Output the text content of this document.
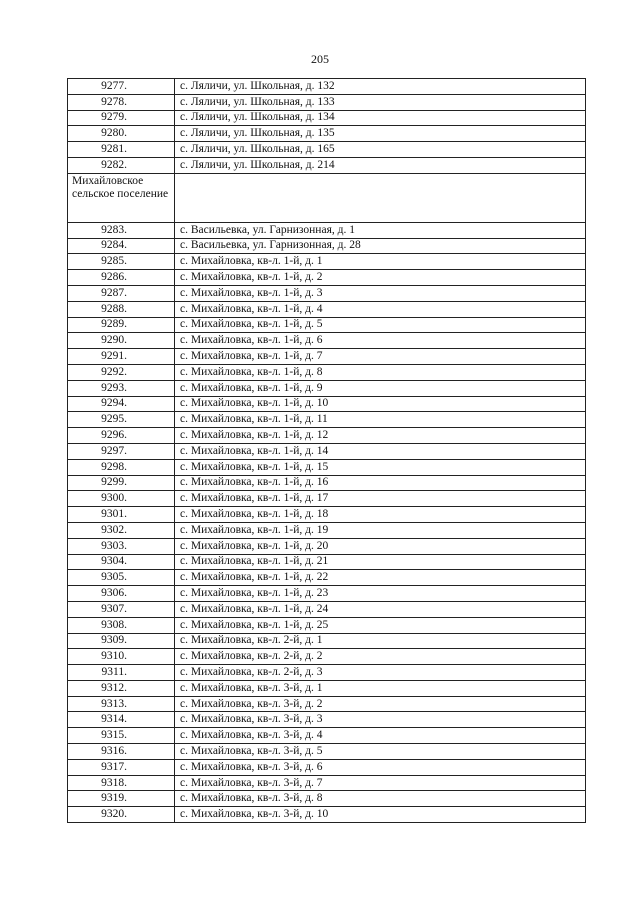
205
9277.	с. Ляличи, ул. Школьная, д. 132
9278.	с. Ляличи, ул. Школьная, д. 133
9279.	с. Ляличи, ул. Школьная, д. 134
9280.	с. Ляличи, ул. Школьная, д. 135
9281.	с. Ляличи, ул. Школьная, д. 165
9282.	с. Ляличи, ул. Школьная, д. 214
Михайловское сельское поселение	
9283.	с. Васильевка, ул. Гарнизонная, д. 1
9284.	с. Васильевка, ул. Гарнизонная, д. 28
9285.	с. Михайловка, кв-л. 1-й, д. 1
9286.	с. Михайловка, кв-л. 1-й, д. 2
9287.	с. Михайловка, кв-л. 1-й, д. 3
9288.	с. Михайловка, кв-л. 1-й, д. 4
9289.	с. Михайловка, кв-л. 1-й, д. 5
9290.	с. Михайловка, кв-л. 1-й, д. 6
9291.	с. Михайловка, кв-л. 1-й, д. 7
9292.	с. Михайловка, кв-л. 1-й, д. 8
9293.	с. Михайловка, кв-л. 1-й, д. 9
9294.	с. Михайловка, кв-л. 1-й, д. 10
9295.	с. Михайловка, кв-л. 1-й, д. 11
9296.	с. Михайловка, кв-л. 1-й, д. 12
9297.	с. Михайловка, кв-л. 1-й, д. 14
9298.	с. Михайловка, кв-л. 1-й, д. 15
9299.	с. Михайловка, кв-л. 1-й, д. 16
9300.	с. Михайловка, кв-л. 1-й, д. 17
9301.	с. Михайловка, кв-л. 1-й, д. 18
9302.	с. Михайловка, кв-л. 1-й, д. 19
9303.	с. Михайловка, кв-л. 1-й, д. 20
9304.	с. Михайловка, кв-л. 1-й, д. 21
9305.	с. Михайловка, кв-л. 1-й, д. 22
9306.	с. Михайловка, кв-л. 1-й, д. 23
9307.	с. Михайловка, кв-л. 1-й, д. 24
9308.	с. Михайловка, кв-л. 1-й, д. 25
9309.	с. Михайловка, кв-л. 2-й, д. 1
9310.	с. Михайловка, кв-л. 2-й, д. 2
9311.	с. Михайловка, кв-л. 2-й, д. 3
9312.	с. Михайловка, кв-л. 3-й, д. 1
9313.	с. Михайловка, кв-л. 3-й, д. 2
9314.	с. Михайловка, кв-л. 3-й, д. 3
9315.	с. Михайловка, кв-л. 3-й, д. 4
9316.	с. Михайловка, кв-л. 3-й, д. 5
9317.	с. Михайловка, кв-л. 3-й, д. 6
9318.	с. Михайловка, кв-л. 3-й, д. 7
9319.	с. Михайловка, кв-л. 3-й, д. 8
9320.	с. Михайловка, кв-л. 3-й, д. 10
